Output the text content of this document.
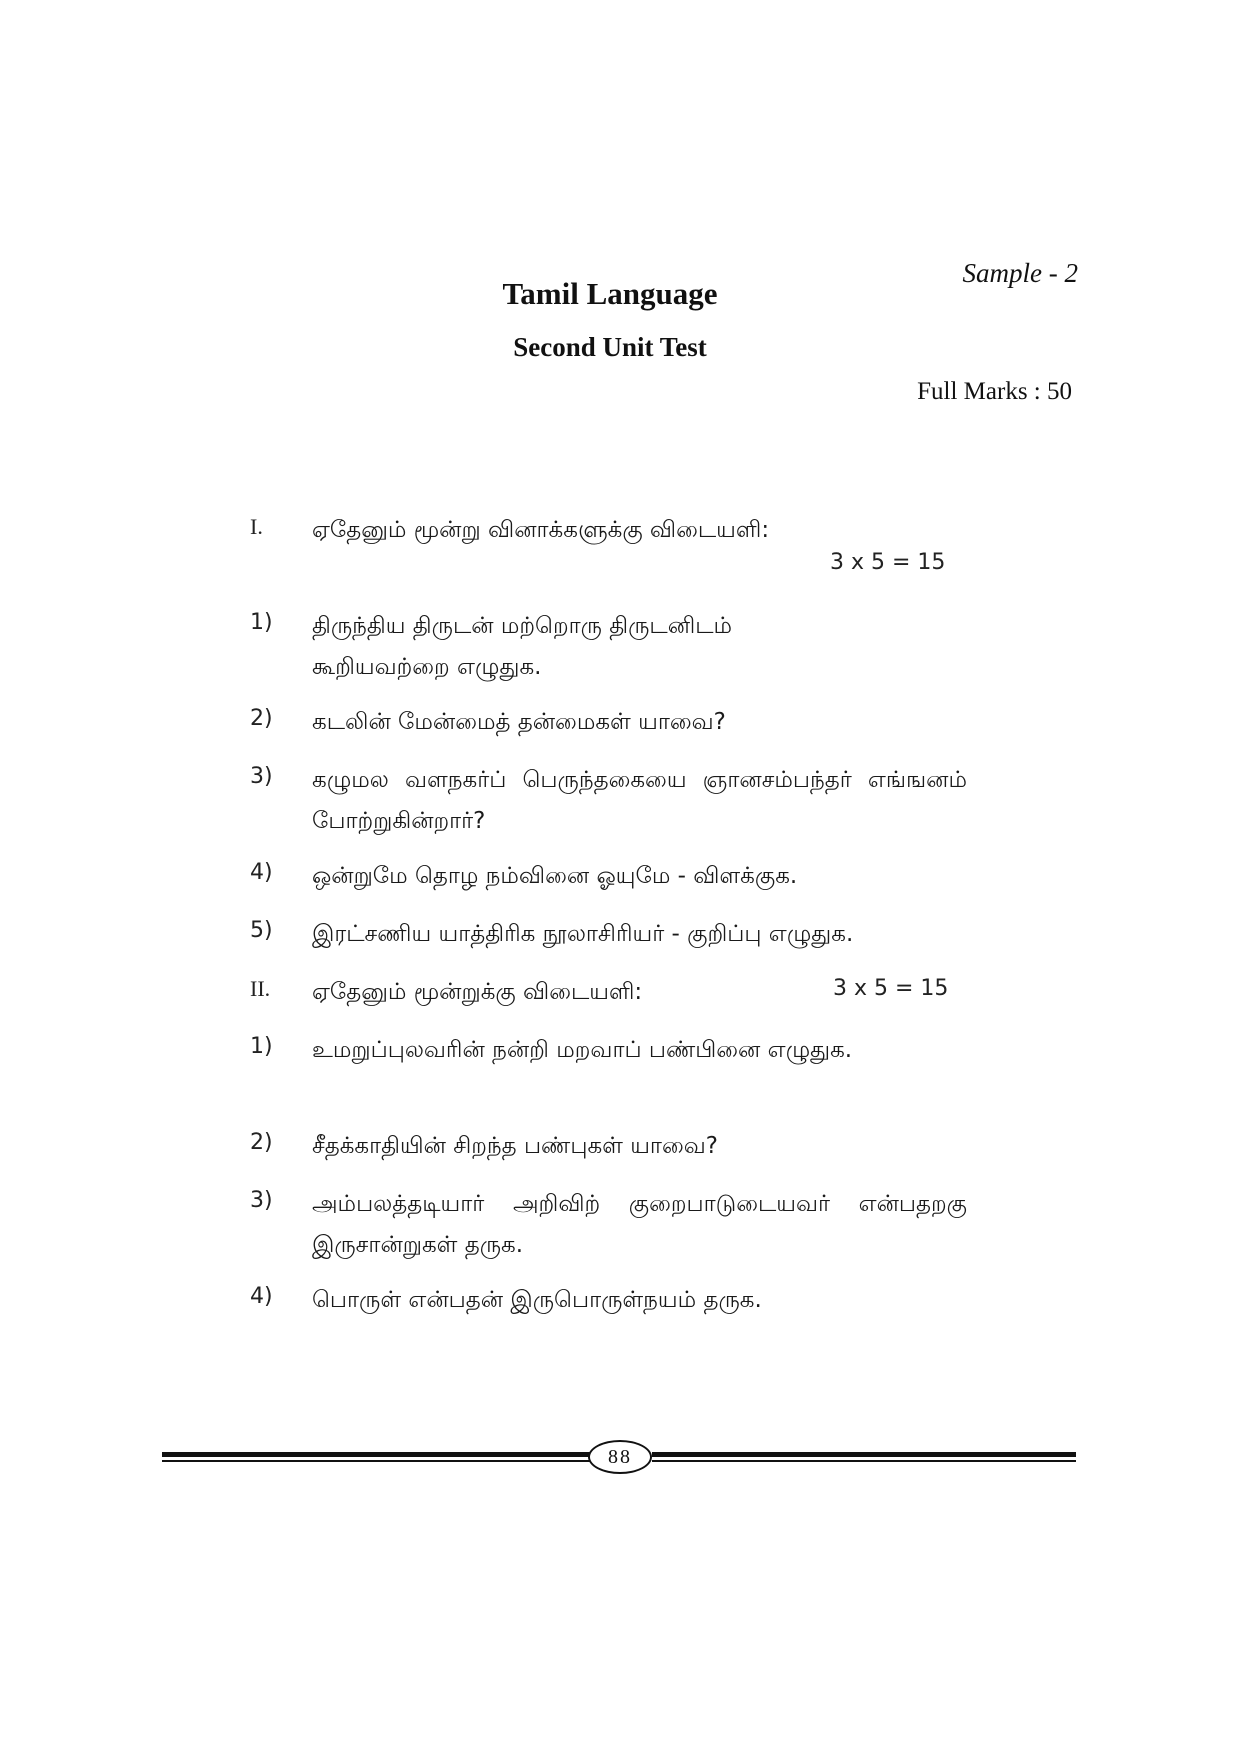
Sample - 2
Tamil Language
Second Unit Test
Full Marks : 50
I. ஏதேனும் மூன்று வினாக்களுக்கு விடையளி:
3 x 5 = 15
1) திருந்திய திருடன் மற்றொரு திருடனிடம் கூறியவற்றை எழுதுக.
2) கடலின் மேன்மைத் தன்மைகள் யாவை?
3) கழுமல வளநகர்ப் பெருந்தகையை ஞானசம்பந்தர் எங்ஙனம் போற்றுகின்றார்?
4) ஒன்றுமே தொழ நம்வினை ஓயுமே - விளக்குக.
5) இரட்சணிய யாத்திரிக நூலாசிரியர் - குறிப்பு எழுதுக.
II. ஏதேனும் மூன்றுக்கு விடையளி:	3 x 5 = 15
1) உமறுப்புலவரின் நன்றி மறவாப் பண்பினை எழுதுக.
2) சீதக்காதியின் சிறந்த பண்புகள் யாவை?
3) அம்பலத்தடியார் அறிவிற் குறைபாடுடையவர் என்பதறகு இருசான்றுகள் தருக.
4) பொருள் என்பதன் இருபொருள்நயம் தருக.
88
